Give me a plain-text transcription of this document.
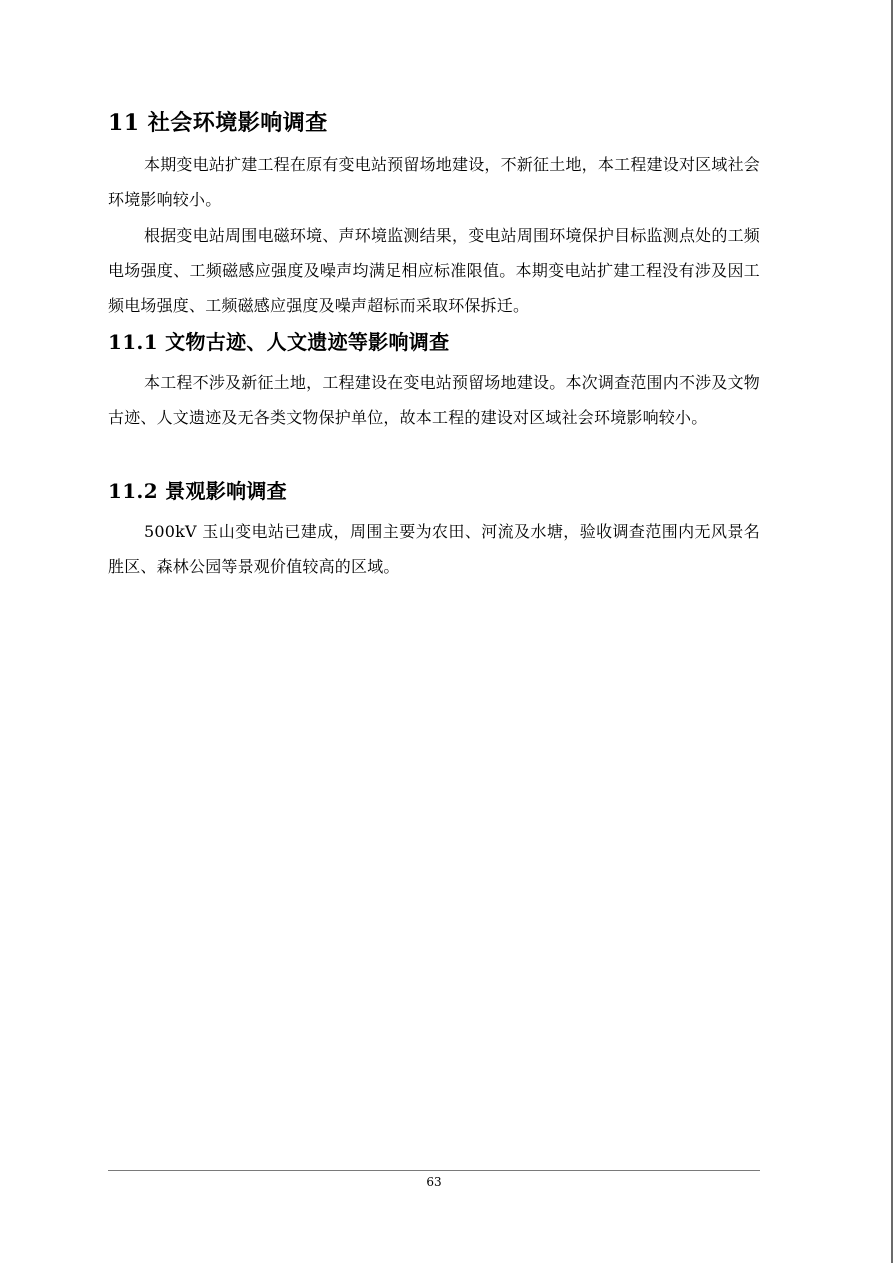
11 社会环境影响调查
本期变电站扩建工程在原有变电站预留场地建设，不新征土地，本工程建设对区域社会环境影响较小。
根据变电站周围电磁环境、声环境监测结果，变电站周围环境保护目标监测点处的工频电场强度、工频磁感应强度及噪声均满足相应标准限值。本期变电站扩建工程没有涉及因工频电场强度、工频磁感应强度及噪声超标而采取环保拆迁。
11.1 文物古迹、人文遗迹等影响调查
本工程不涉及新征土地，工程建设在变电站预留场地建设。本次调查范围内不涉及文物古迹、人文遗迹及无各类文物保护单位，故本工程的建设对区域社会环境影响较小。
11.2 景观影响调查
500kV 玉山变电站已建成，周围主要为农田、河流及水塘，验收调查范围内无风景名胜区、森林公园等景观价值较高的区域。
63
